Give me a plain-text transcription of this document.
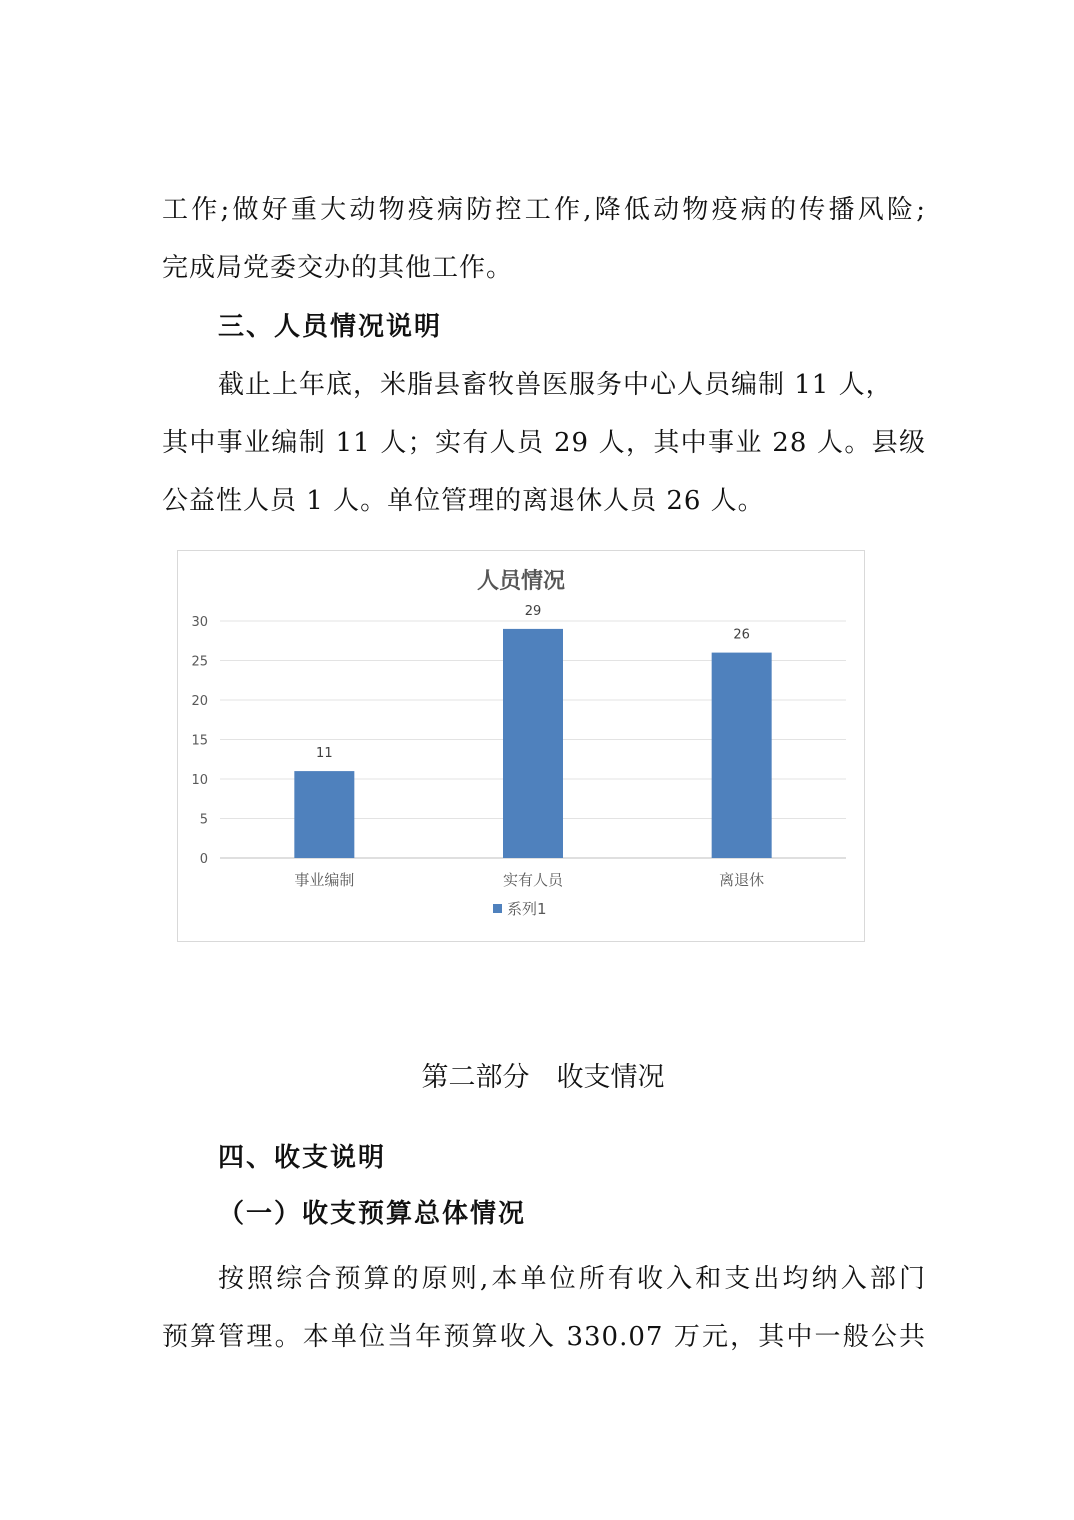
工作;做好重大动物疫病防控工作,降低动物疫病的传播风险;
完成局党委交办的其他工作。
三、人员情况说明
截止上年底，米脂县畜牧兽医服务中心人员编制 11 人，
其中事业编制 11 人；实有人员 29 人，其中事业 28 人。县级
公益性人员 1 人。单位管理的离退休人员 26 人。
人员情况
0
5
10
15
20
25
30
11
事业编制
29
实有人员
26
离退休
系列1
第二部分　收支情况
四、收支说明
（一）收支预算总体情况
按照综合预算的原则,本单位所有收入和支出均纳入部门
预算管理。本单位当年预算收入 330.07 万元，其中一般公共
